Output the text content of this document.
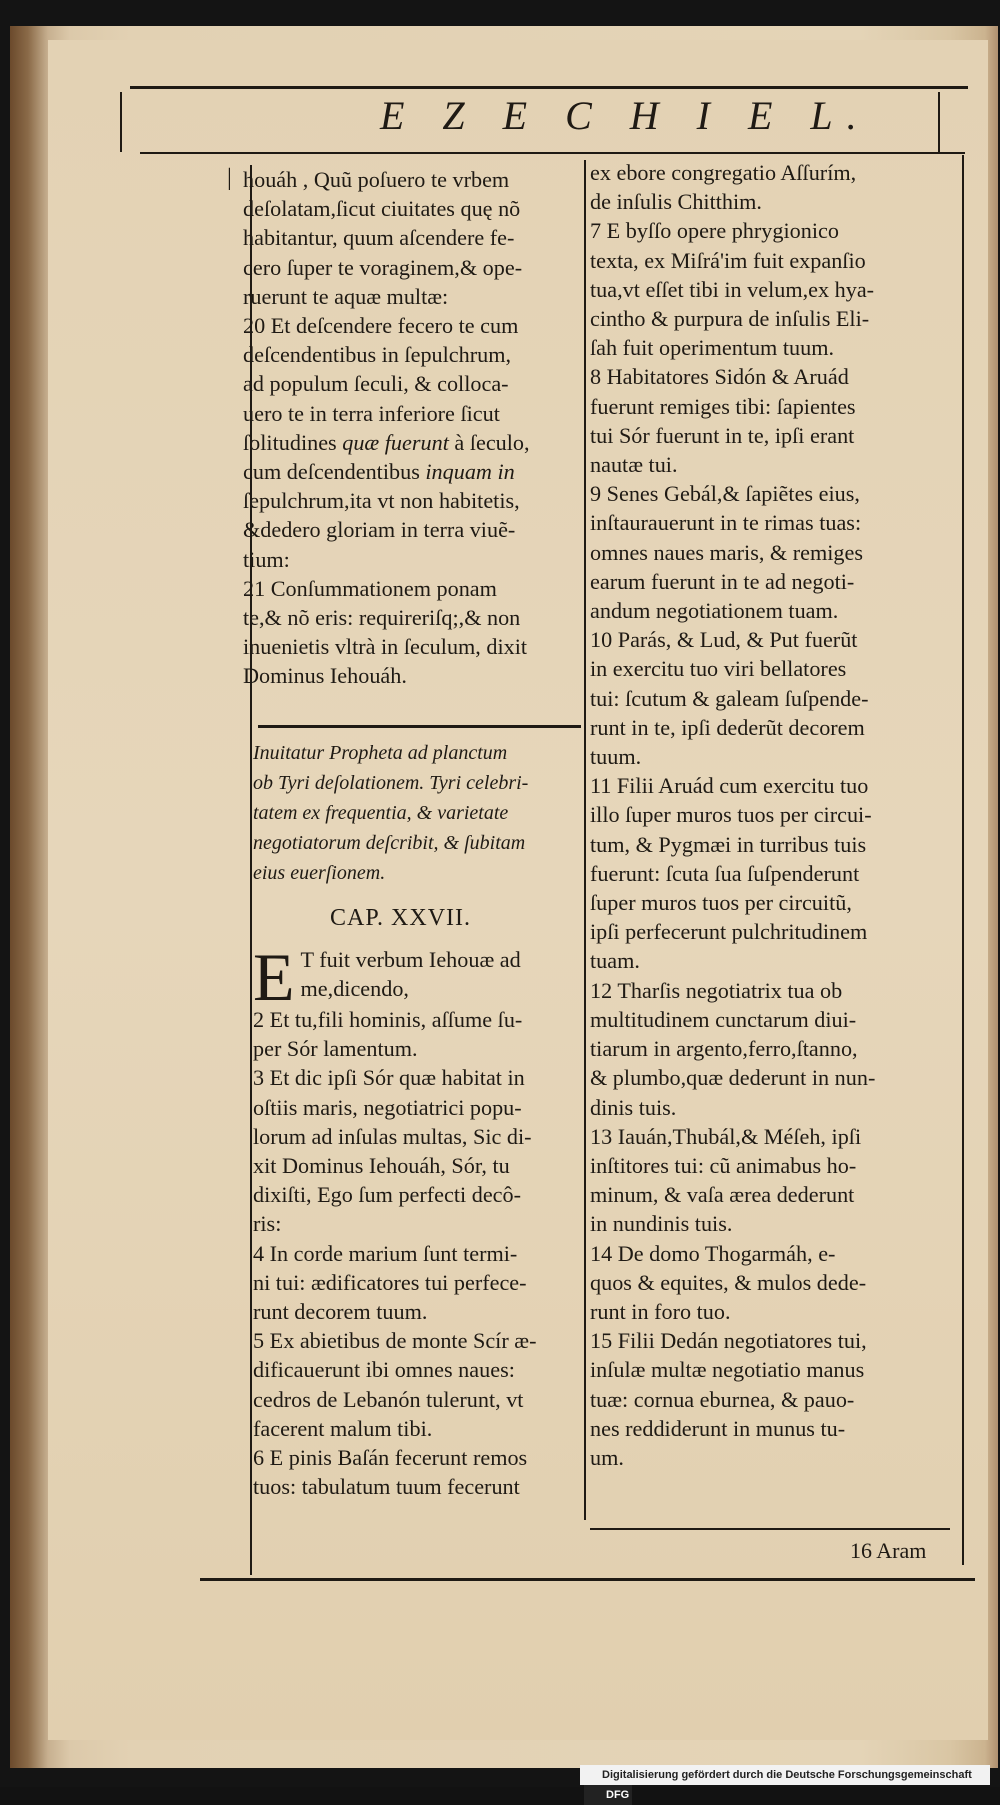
E Z E C H I E L.
| houáh , Quũ poſuero te vrbem

deſolatam,ſicut ciuitates quę nõ

habitantur, quum aſcendere fe-

cero ſuper te voraginem,& ope-

ruerunt te aquæ multæ:

20 Et deſcendere fecero te cum

deſcendentibus in ſepulchrum,

ad populum ſeculi, & colloca-

uero te in terra inferiore ſicut

ſolitudines quæ fuerunt à ſeculo,

cum deſcendentibus inquam in

ſepulchrum,ita vt non habitetis,

&dedero gloriam in terra viuẽ-

tium:

21 Conſummationem ponam

te,& nõ eris: requireriſq;,& non

inuenietis vltrà in ſeculum, dixit

Dominus Iehouáh.

Inuitatur Propheta ad planctum
ob Tyri deſolationem. Tyri celebri-
tatem ex frequentia, & varietate
negotiatorum deſcribit, & ſubitam
eius euerſionem.
CAP. XXVII.
E T fuit verbum Iehouæ ad

me,dicendo,

2 Et tu,fili hominis, aſſume ſu-

per Sór lamentum.

3 Et dic ipſi Sór quæ habitat in

oſtiis maris, negotiatrici popu-

lorum ad inſulas multas, Sic di-

xit Dominus Iehouáh, Sór, tu

dixiſti, Ego ſum perfecti decô-

ris:

4 In corde marium ſunt termi-

ni tui: ædificatores tui perfece-

runt decorem tuum.

5 Ex abietibus de monte Scír æ-

dificauerunt ibi omnes naues:

cedros de Lebanón tulerunt, vt

facerent malum tibi.

6 E pinis Baſán fecerunt remos

tuos: tabulatum tuum fecerunt

ex ebore congregatio Aſſurím,

de inſulis Chitthim.

7 E byſſo opere phrygionico

texta, ex Miſrá'im fuit expanſio

tua,vt eſſet tibi in velum,ex hya-

cintho & purpura de inſulis Eli-

ſah fuit operimentum tuum.

8 Habitatores Sidón & Aruád

fuerunt remiges tibi: ſapientes

tui Sór fuerunt in te, ipſi erant

nautæ tui.

9 Senes Gebál,& ſapiẽtes eius,

inſtaurauerunt in te rimas tuas:

omnes naues maris, & remiges

earum fuerunt in te ad negoti-

andum negotiationem tuam.

10 Parás, & Lud, & Put fuerũt

in exercitu tuo viri bellatores

tui: ſcutum & galeam ſuſpende-

runt in te, ipſi dederũt decorem

tuum.

11 Filii Aruád cum exercitu tuo

illo ſuper muros tuos per circui-

tum, & Pygmæi in turribus tuis

fuerunt: ſcuta ſua ſuſpenderunt

ſuper muros tuos per circuitũ,

ipſi perfecerunt pulchritudinem

tuam.

12 Tharſis negotiatrix tua ob

multitudinem cunctarum diui-

tiarum in argento,ferro,ſtanno,

& plumbo,quæ dederunt in nun-

dinis tuis.

13 Iauán,Thubál,& Méſeh, ipſi

inſtitores tui: cũ animabus ho-

minum, & vaſa ærea dederunt

in nundinis tuis.

14 De domo Thogarmáh, e-

quos & equites, & mulos dede-

runt in foro tuo.

15 Filii Dedán negotiatores tui,

inſulæ multæ negotiatio manus

tuæ: cornua eburnea, & pauo-

nes reddiderunt in munus tu-

um.

16 Aram
Digitalisierung gefördert durch die Deutsche ForschungsgemeinschaftDFG
